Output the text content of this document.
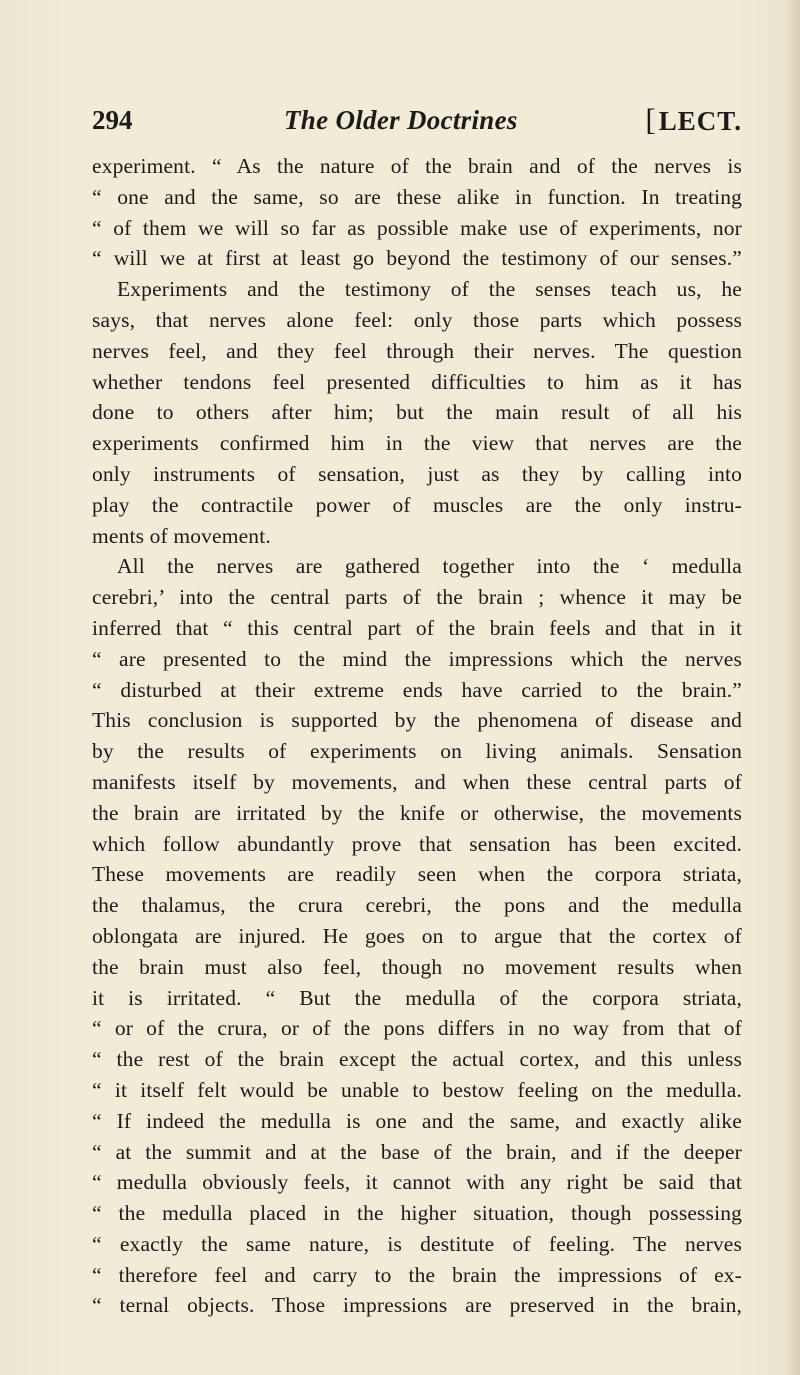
294	The Older Doctrines	[LECT.
experiment. “ As the nature of the brain and of the nerves is
“ one and the same, so are these alike in function. In treating
“ of them we will so far as possible make use of experiments, nor
“ will we at first at least go beyond the testimony of our senses.”
Experiments and the testimony of the senses teach us, he
says, that nerves alone feel: only those parts which possess
nerves feel, and they feel through their nerves. The question
whether tendons feel presented difficulties to him as it has
done to others after him; but the main result of all his
experiments confirmed him in the view that nerves are the
only instruments of sensation, just as they by calling into
play the contractile power of muscles are the only instru-
ments of movement.
All the nerves are gathered together into the ‘ medulla
cerebri,’ into the central parts of the brain ; whence it may be
inferred that “ this central part of the brain feels and that in it
“ are presented to the mind the impressions which the nerves
“ disturbed at their extreme ends have carried to the brain.”
This conclusion is supported by the phenomena of disease and
by the results of experiments on living animals. Sensation
manifests itself by movements, and when these central parts of
the brain are irritated by the knife or otherwise, the movements
which follow abundantly prove that sensation has been excited.
These movements are readily seen when the corpora striata,
the thalamus, the crura cerebri, the pons and the medulla
oblongata are injured. He goes on to argue that the cortex of
the brain must also feel, though no movement results when
it is irritated. “ But the medulla of the corpora striata,
“ or of the crura, or of the pons differs in no way from that of
“ the rest of the brain except the actual cortex, and this unless
“ it itself felt would be unable to bestow feeling on the medulla.
“ If indeed the medulla is one and the same, and exactly alike
“ at the summit and at the base of the brain, and if the deeper
“ medulla obviously feels, it cannot with any right be said that
“ the medulla placed in the higher situation, though possessing
“ exactly the same nature, is destitute of feeling. The nerves
“ therefore feel and carry to the brain the impressions of ex-
“ ternal objects. Those impressions are preserved in the brain,
